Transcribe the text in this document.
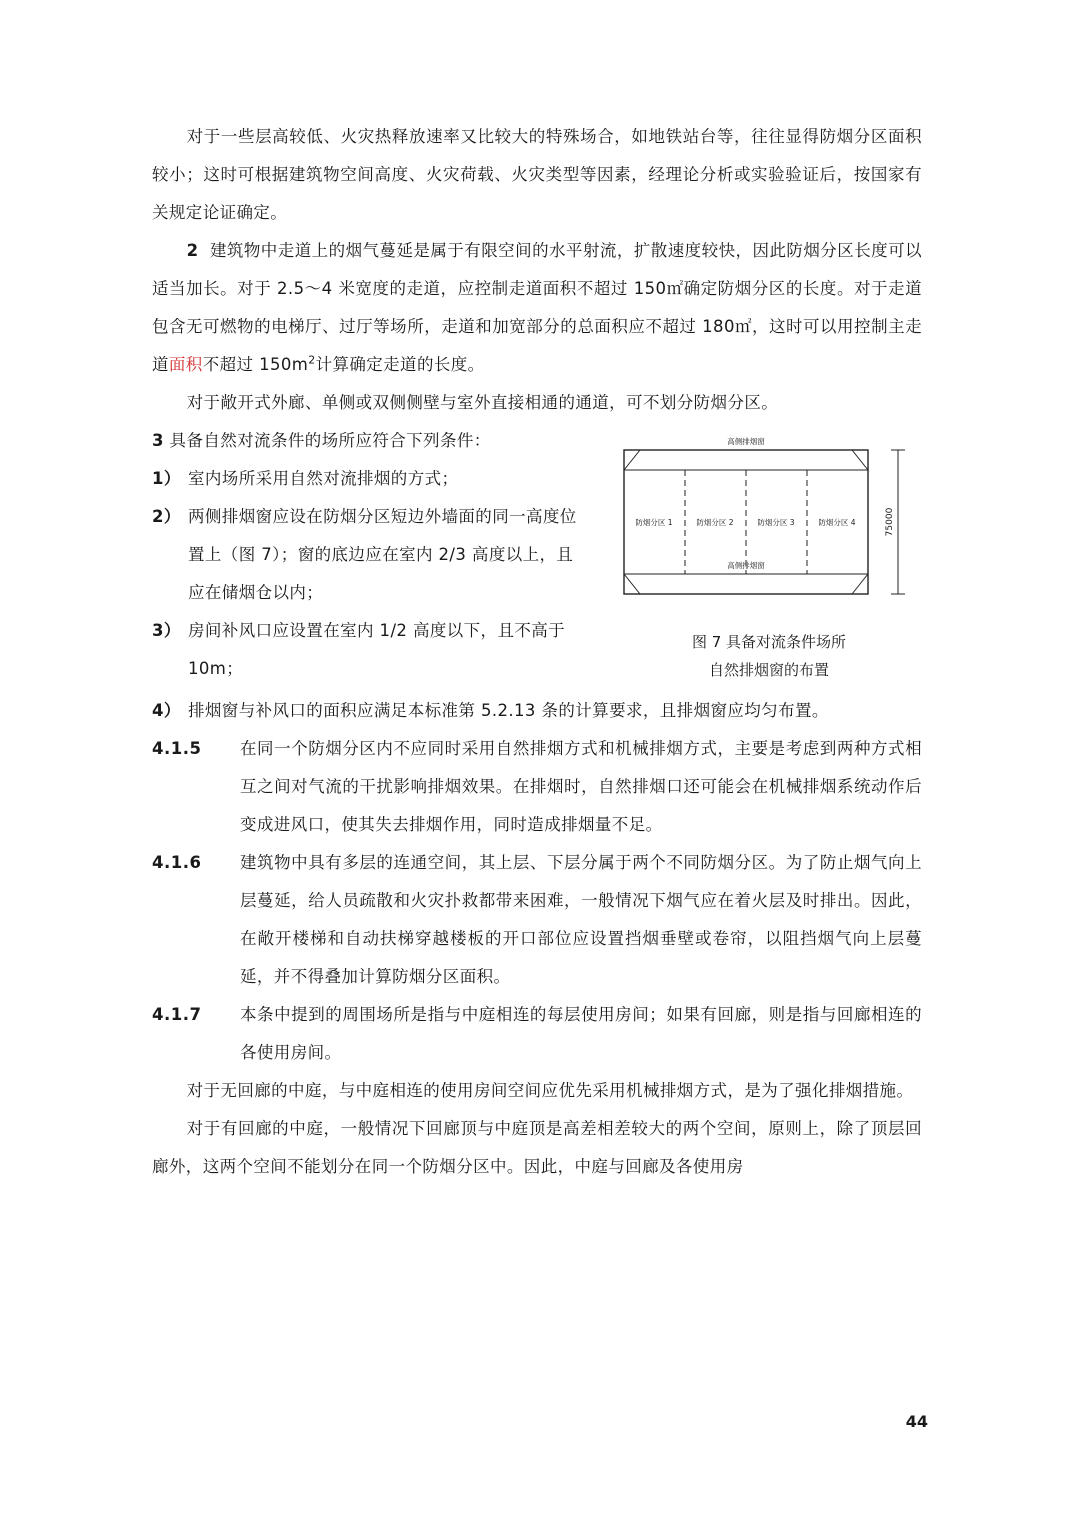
对于一些层高较低、火灾热释放速率又比较大的特殊场合，如地铁站台等，往往显得防烟分区面积较小；这时可根据建筑物空间高度、火灾荷载、火灾类型等因素，经理论分析或实验验证后，按国家有关规定论证确定。

2 建筑物中走道上的烟气蔓延是属于有限空间的水平射流，扩散速度较快，因此防烟分区长度可以适当加长。对于 2.5～4 米宽度的走道，应控制走道面积不超过 150㎡确定防烟分区的长度。对于走道包含无可燃物的电梯厅、过厅等场所，走道和加宽部分的总面积应不超过 180㎡，这时可以用控制主走道面积不超过 $150m^2$计算确定走道的长度。

对于敞开式外廊、单侧或双侧侧壁与室外直接相通的通道，可不划分防烟分区。

高侧排烟窗
高侧排烟窗
防烟分区 1	防烟分区 2	防烟分区 3	防烟分区 4	75000
图 7 具备对流条件场所
自然排烟窗的布置

3 具备自然对流条件的场所应符合下列条件：

1） 室内场所采用自然对流排烟的方式；

2） 两侧排烟窗应设在防烟分区短边外墙面的同一高度位置上（图 7）；窗的底边应在室内 2/3 高度以上，且应在储烟仓以内；

3） 房间补风口应设置在室内 1/2 高度以下，且不高于 10m；

4） 排烟窗与补风口的面积应满足本标准第 5.2.13 条的计算要求，且排烟窗应均匀布置。

4.1.5 在同一个防烟分区内不应同时采用自然排烟方式和机械排烟方式，主要是考虑到两种方式相互之间对气流的干扰影响排烟效果。在排烟时，自然排烟口还可能会在机械排烟系统动作后变成进风口，使其失去排烟作用，同时造成排烟量不足。

4.1.6 建筑物中具有多层的连通空间，其上层、下层分属于两个不同防烟分区。为了防止烟气向上层蔓延，给人员疏散和火灾扑救都带来困难，一般情况下烟气应在着火层及时排出。因此，在敞开楼梯和自动扶梯穿越楼板的开口部位应设置挡烟垂壁或卷帘，以阻挡烟气向上层蔓延，并不得叠加计算防烟分区面积。

4.1.7 本条中提到的周围场所是指与中庭相连的每层使用房间；如果有回廊，则是指与回廊相连的各使用房间。

对于无回廊的中庭，与中庭相连的使用房间空间应优先采用机械排烟方式，是为了强化排烟措施。

对于有回廊的中庭，一般情况下回廊顶与中庭顶是高差相差较大的两个空间，原则上，除了顶层回廊外，这两个空间不能划分在同一个防烟分区中。因此，中庭与回廊及各使用房

44
